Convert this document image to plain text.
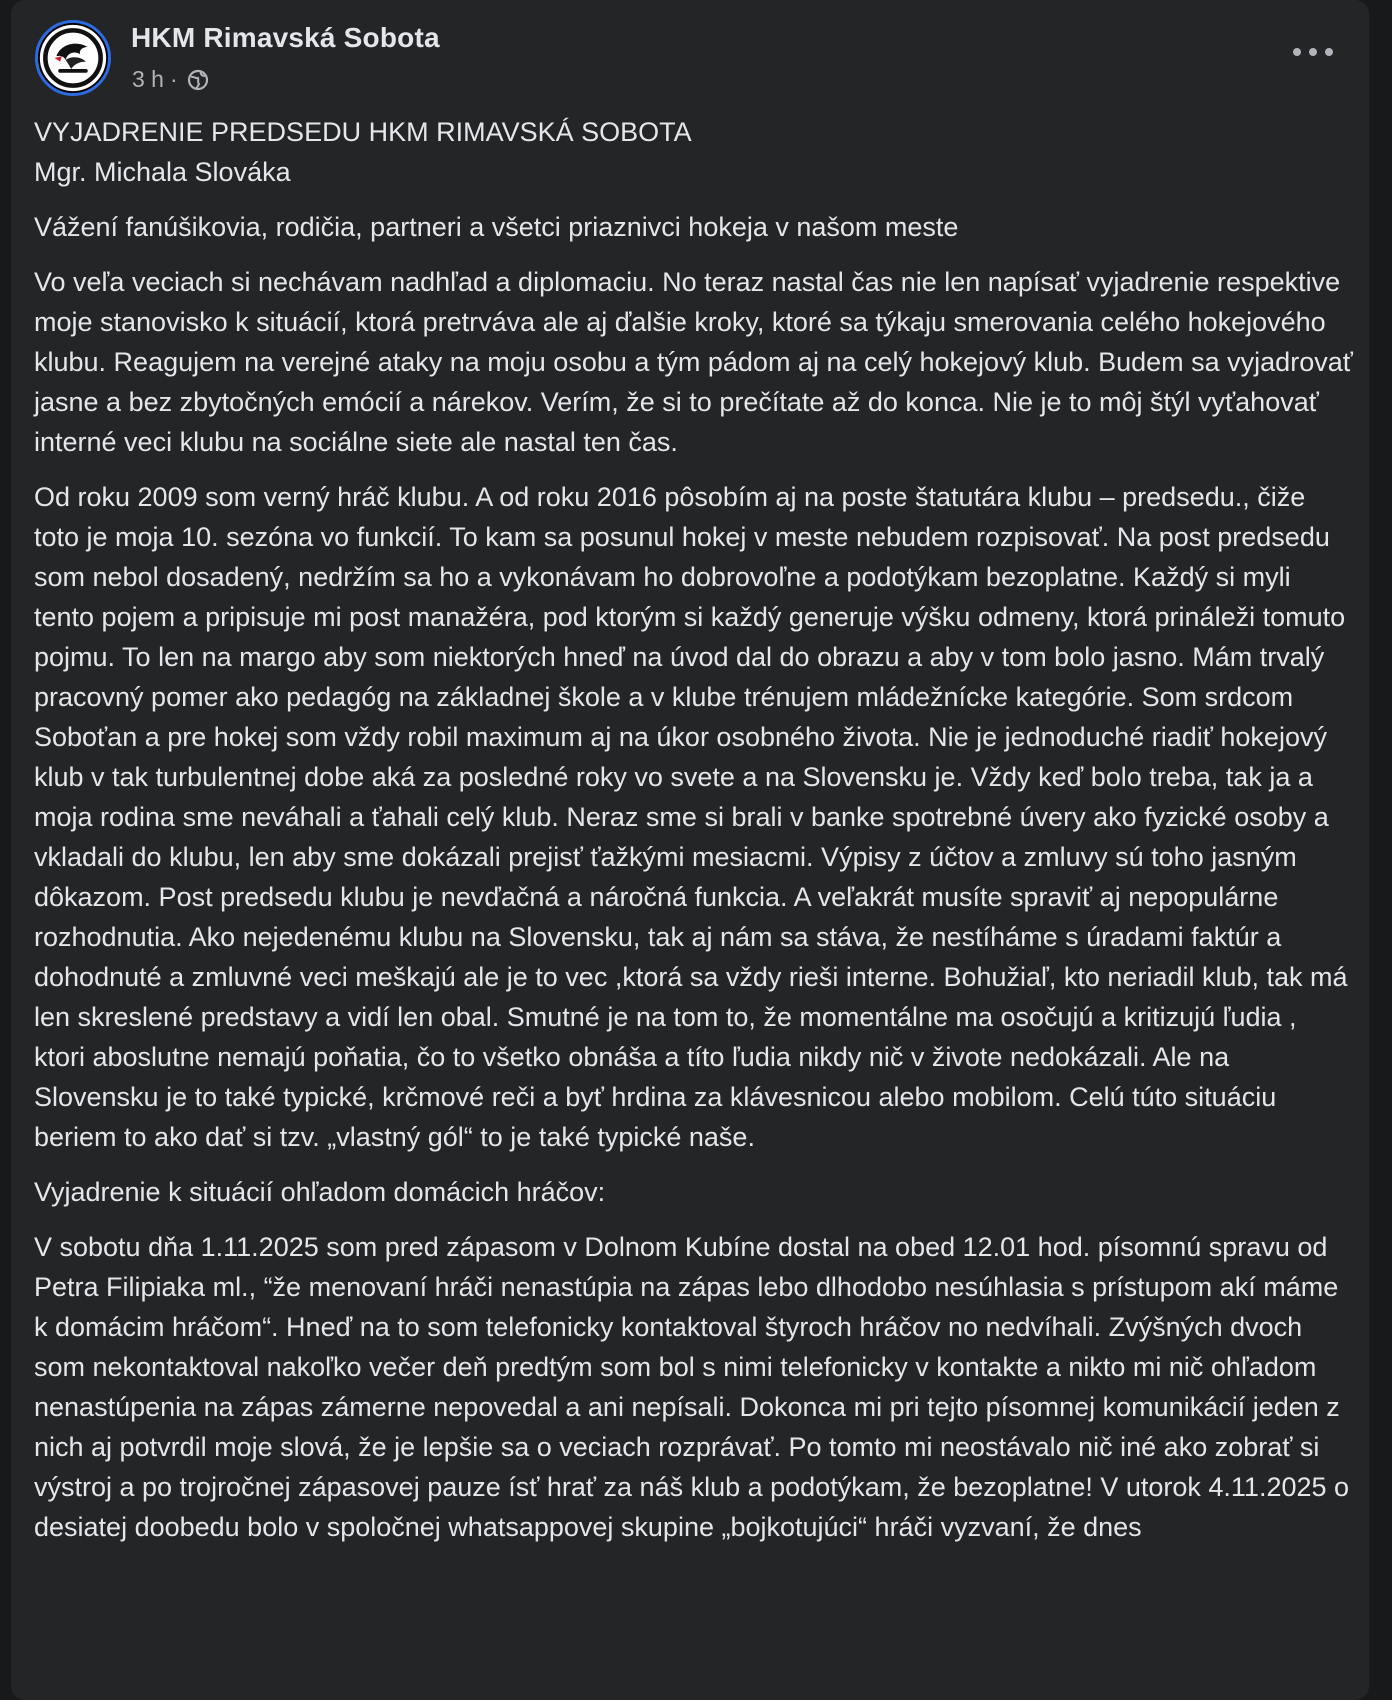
HKM Rimavská Sobota
3 h ·

VYJADRENIE PREDSEDU HKM RIMAVSKÁ SOBOTA
Mgr. Michala Slováka

Vážení fanúšikovia, rodičia, partneri a všetci priaznivci hokeja v našom meste

Vo veľa veciach si nechávam nadhľad a diplomaciu. No teraz nastal čas nie len napísať vyjadrenie respektive moje stanovisko k situácií, ktorá pretrváva ale aj ďalšie kroky, ktoré sa týkaju smerovania celého hokejového klubu. Reagujem na verejné ataky na moju osobu a tým pádom aj na celý hokejový klub. Budem sa vyjadrovať jasne a bez zbytočných emócií a nárekov. Verím, že si to prečítate až do konca. Nie je to môj štýl vyťahovať interné veci klubu na sociálne siete ale nastal ten čas.

Od roku 2009 som verný hráč klubu. A od roku 2016 pôsobím aj na poste štatutára klubu – predsedu., čiže toto je moja 10. sezóna vo funkcií. To kam sa posunul hokej v meste nebudem rozpisovať. Na post predsedu som nebol dosadený, nedržím sa ho a vykonávam ho dobrovoľne a podotýkam bezoplatne. Každý si myli tento pojem a pripisuje mi post manažéra, pod ktorým si každý generuje výšku odmeny, ktorá prináleži tomuto pojmu. To len na margo aby som niektorých hneď na úvod dal do obrazu a aby v tom bolo jasno. Mám trvalý pracovný pomer ako pedagóg na základnej škole a v klube trénujem mládežnícke kategórie. Som srdcom Soboťan a pre hokej som vždy robil maximum aj na úkor osobného života. Nie je jednoduché riadiť hokejový klub v tak turbulentnej dobe aká za posledné roky vo svete a na Slovensku je. Vždy keď bolo treba, tak ja a moja rodina sme neváhali a ťahali celý klub. Neraz sme si brali v banke spotrebné úvery ako fyzické osoby a vkladali do klubu, len aby sme dokázali prejisť ťažkými mesiacmi. Výpisy z účtov a zmluvy sú toho jasným dôkazom. Post predsedu klubu je nevďačná a náročná funkcia. A veľakrát musíte spraviť aj nepopulárne rozhodnutia. Ako nejedenému klubu na Slovensku, tak aj nám sa stáva, že nestíháme s úradami faktúr a dohodnuté a zmluvné veci meškajú ale je to vec ,ktorá sa vždy rieši interne. Bohužiaľ, kto neriadil klub, tak má len skreslené predstavy a vidí len obal. Smutné je na tom to, že momentálne ma osočujú a kritizujú ľudia , ktori aboslutne nemajú poňatia, čo to všetko obnáša a títo ľudia nikdy nič v živote nedokázali. Ale na Slovensku je to také typické, krčmové reči a byť hrdina za klávesnicou alebo mobilom. Celú túto situáciu beriem to ako dať si tzv. „vlastný gól“ to je také typické naše.

Vyjadrenie k situácií ohľadom domácich hráčov:

V sobotu dňa 1.11.2025 som pred zápasom v Dolnom Kubíne dostal na obed 12.01 hod. písomnú spravu od Petra Filipiaka ml., “že menovaní hráči nenastúpia na zápas lebo dlhodobo nesúhlasia s prístupom akí máme k domácim hráčom“. Hneď na to som telefonicky kontaktoval štyroch hráčov no nedvíhali. Zvýšných dvoch som nekontaktoval nakoľko večer deň predtým som bol s nimi telefonicky v kontakte a nikto mi nič ohľadom nenastúpenia na zápas zámerne nepovedal a ani nepísali. Dokonca mi pri tejto písomnej komunikácií jeden z nich aj potvrdil moje slová, že je lepšie sa o veciach rozprávať. Po tomto mi neostávalo nič iné ako zobrať si výstroj a po trojročnej zápasovej pauze ísť hrať za náš klub a podotýkam, že bezoplatne! V utorok 4.11.2025 o desiatej doobedu bolo v spoločnej whatsappovej skupine „bojkotujúci“ hráči vyzvaní, že dnes
